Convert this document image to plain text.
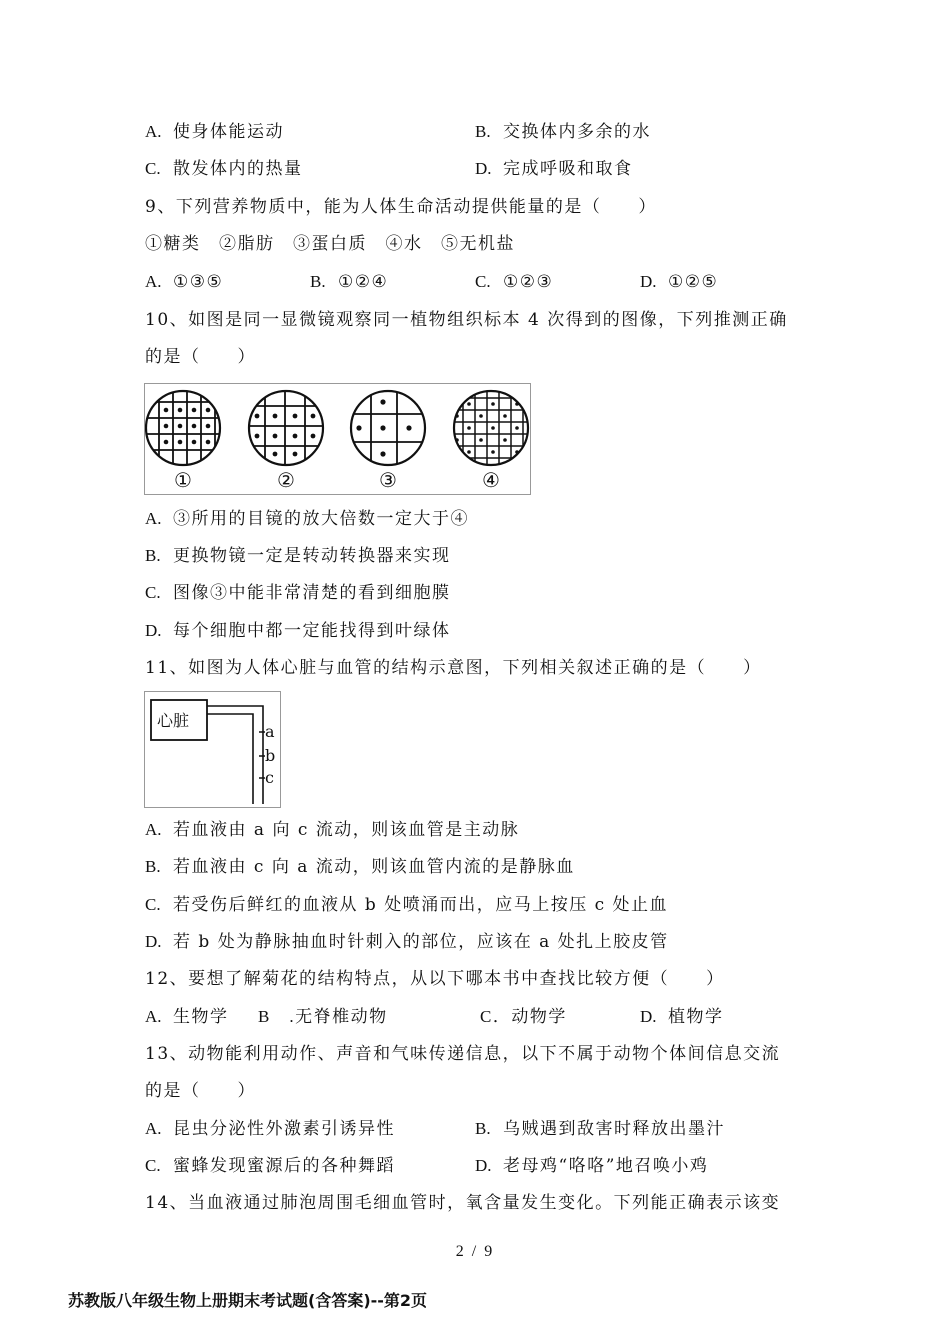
A. 使身体能运动	B. 交换体内多余的水
C. 散发体内的热量	D. 完成呼吸和取食
9、下列营养物质中，能为人体生命活动提供能量的是（　　）
①糖类　②脂肪　③蛋白质　④水　⑤无机盐
A. ①③⑤	B. ①②④	C. ①②③	D. ①②⑤
10、如图是同一显微镜观察同一植物组织标本 4 次得到的图像，下列推测正确
的是（　　）
①	②	③	④
A. ③所用的目镜的放大倍数一定大于④
B. 更换物镜一定是转动转换器来实现
C. 图像③中能非常清楚的看到细胞膜
D. 每个细胞中都一定能找得到叶绿体
11、如图为人体心脏与血管的结构示意图，下列相关叙述正确的是（　　）
心脏
a
b
c
A. 若血液由 a 向 c 流动，则该血管是主动脉
B. 若血液由 c 向 a 流动，则该血管内流的是静脉血
C. 若受伤后鲜红的血液从 b 处喷涌而出，应马上按压 c 处止血
D. 若 b 处为静脉抽血时针刺入的部位，应该在 a 处扎上胶皮管
12、要想了解菊花的结构特点，从以下哪本书中查找比较方便（　　）
A. 生物学 B　.无脊椎动物	C．动物学	D. 植物学
13、动物能利用动作、声音和气味传递信息，以下不属于动物个体间信息交流
的是（　　）
A. 昆虫分泌性外激素引诱异性	B. 乌贼遇到敌害时释放出墨汁
C. 蜜蜂发现蜜源后的各种舞蹈	D. 老母鸡“咯咯”地召唤小鸡
14、当血液通过肺泡周围毛细血管时，氧含量发生变化。下列能正确表示该变
2 / 9
苏教版八年级生物上册期末考试题(含答案)--第2页
